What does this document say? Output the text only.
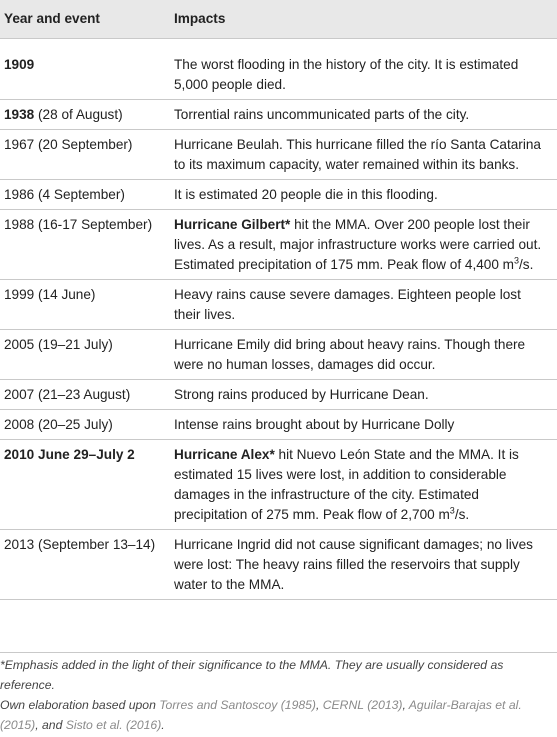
Year and event	Impacts
1909	The worst flooding in the history of the city. It is estimated 5,000 people died.
1938 (28 of August)	Torrential rains uncommunicated parts of the city.
1967 (20 September)	Hurricane Beulah. This hurricane filled the río Santa Catarina to its maximum capacity, water remained within its banks.
1986 (4 September)	It is estimated 20 people die in this flooding.
1988 (16-17 September)	Hurricane Gilbert* hit the MMA. Over 200 people lost their lives. As a result, major infrastructure works were carried out. Estimated precipitation of 175 mm. Peak flow of 4,400 $m^3/s$.
1999 (14 June)	Heavy rains cause severe damages. Eighteen people lost their lives.
2005 (19–21 July)	Hurricane Emily did bring about heavy rains. Though there were no human losses, damages did occur.
2007 (21–23 August)	Strong rains produced by Hurricane Dean.
2008 (20–25 July)	Intense rains brought about by Hurricane Dolly
2010 June 29–July 2	Hurricane Alex* hit Nuevo León State and the MMA. It is estimated 15 lives were lost, in addition to considerable damages in the infrastructure of the city. Estimated precipitation of 275 mm. Peak flow of 2,700 $m^3/s$.
2013 (September 13–14)	Hurricane Ingrid did not cause significant damages; no lives were lost: The heavy rains filled the reservoirs that supply water to the MMA.
*Emphasis added in the light of their significance to the MMA. They are usually considered as reference.
Own elaboration based upon Torres and Santoscoy (1985), CERNL (2013), Aguilar-Barajas et al. (2015), and Sisto et al. (2016).
